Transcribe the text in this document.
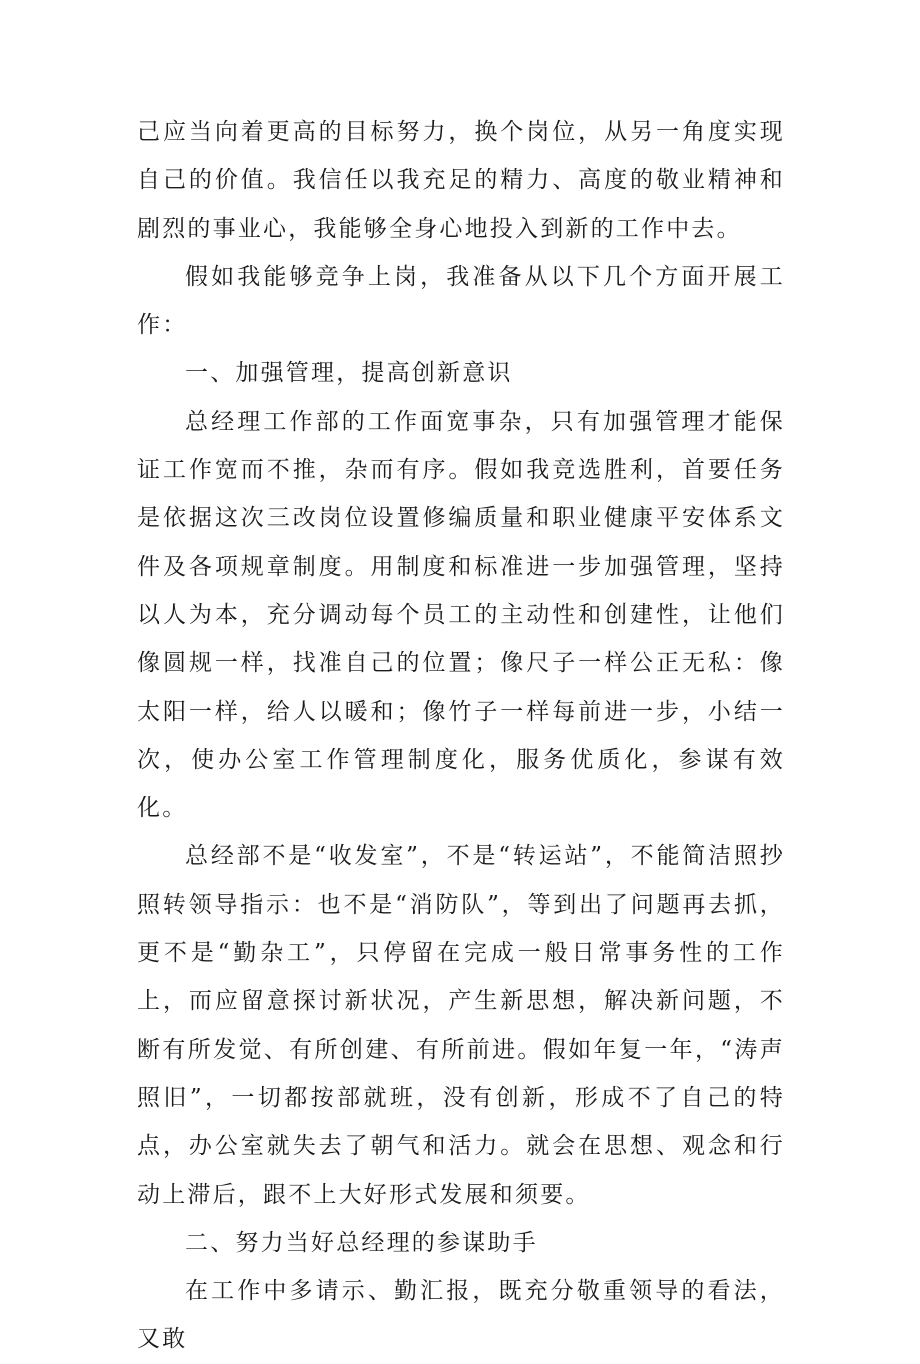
己应当向着更高的目标努力，换个岗位，从另一角度实现自己的价值。我信任以我充足的精力、高度的敬业精神和剧烈的事业心，我能够全身心地投入到新的工作中去。

假如我能够竞争上岗，我准备从以下几个方面开展工作：

一、加强管理，提高创新意识

总经理工作部的工作面宽事杂，只有加强管理才能保证工作宽而不推，杂而有序。假如我竞选胜利，首要任务是依据这次三改岗位设置修编质量和职业健康平安体系文件及各项规章制度。用制度和标准进一步加强管理，坚持以人为本，充分调动每个员工的主动性和创建性，让他们像圆规一样，找准自己的位置；像尺子一样公正无私：像太阳一样，给人以暖和；像竹子一样每前进一步，小结一次，使办公室工作管理制度化，服务优质化，参谋有效化。

总经部不是“收发室”，不是“转运站”，不能简洁照抄照转领导指示：也不是“消防队”，等到出了问题再去抓，更不是“勤杂工”，只停留在完成一般日常事务性的工作上，而应留意探讨新状况，产生新思想，解决新问题，不断有所发觉、有所创建、有所前进。假如年复一年，“涛声照旧”，一切都按部就班，没有创新，形成不了自己的特点，办公室就失去了朝气和活力。就会在思想、观念和行动上滞后，跟不上大好形式发展和须要。

二、努力当好总经理的参谋助手

在工作中多请示、勤汇报，既充分敬重领导的看法，又敢
